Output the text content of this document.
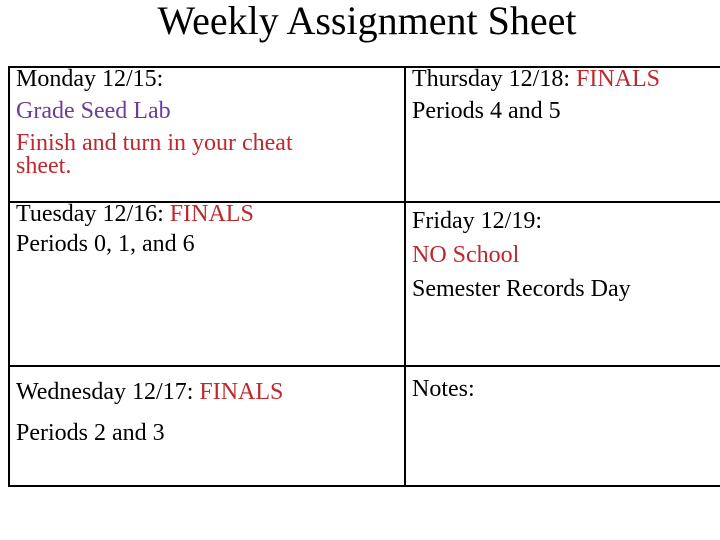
Weekly Assignment Sheet
Monday 12/15:
Grade Seed Lab
Finish and turn in your cheat
sheet.
Tuesday 12/16: FINALS
Periods 0, 1, and 6
Wednesday 12/17: FINALS
Periods 2 and 3
Thursday 12/18: FINALS
Periods 4 and 5
Friday 12/19:
NO School
Semester Records Day
Notes:
